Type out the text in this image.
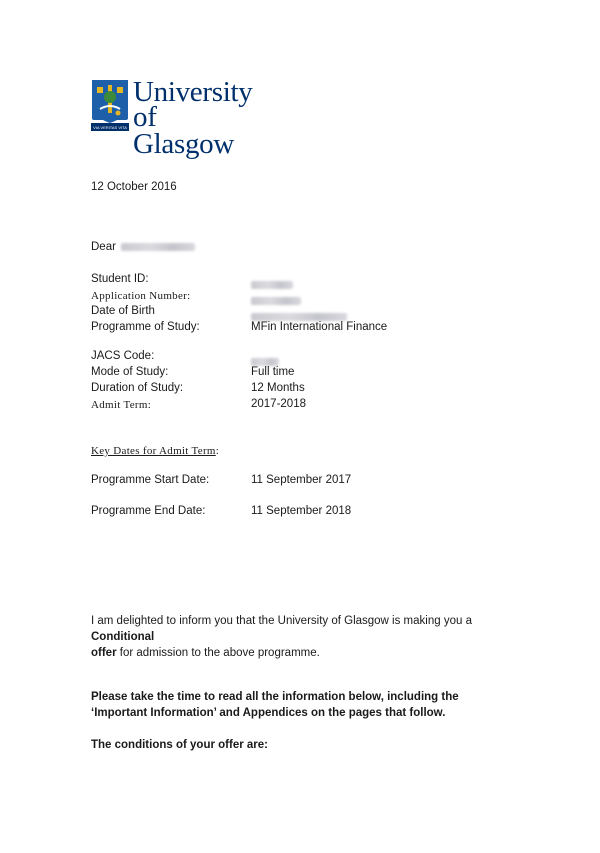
VIA VERITAS VITA
University
of Glasgow
12 October 2016
Dear
Student ID:
Application Number:
Date of Birth
Programme of Study:	MFin International Finance
JACS Code:
Mode of Study:	Full time
Duration of Study:	12 Months
Admit Term:	2017-2018
Key Dates for Admit Term:
Programme Start Date:	11 September 2017
Programme End Date:	11 September 2018
I am delighted to inform you that the University of Glasgow is making you a Conditional
offer for admission to the above programme.
Please take the time to read all the information below, including the
‘Important Information’ and Appendices on the pages that follow.
The conditions of your offer are:
